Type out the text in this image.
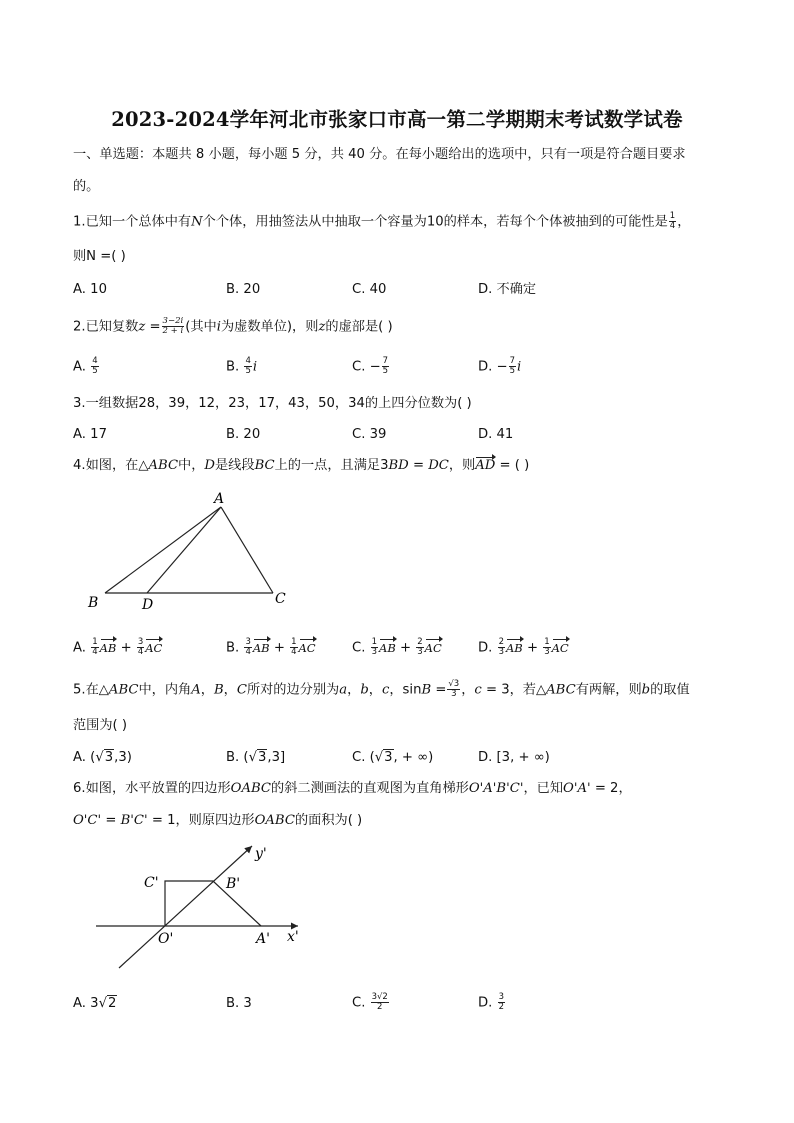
2023-2024学年河北市张家口市高一第二学期期末考试数学试卷
一、单选题：本题共 8 小题，每小题 5 分，共 40 分。在每小题给出的选项中，只有一项是符合题目要求
的。
1.已知一个总体中有N个个体，用抽签法从中抽取一个容量为10的样本，若每个个体被抽到的可能性是 $\frac{1}{4}$ ，
则N =( )
A. 10	B. 20	C. 40	D. 不确定
2.已知复数$z = \frac{3-2i}{2 + i}$ (其中i为虚数单位)，则z的虚部是( )
A. $\frac{4}{5}$	B. $\frac{4}{5}$ i	C. − $\frac{7}{5}$	D. − $\frac{7}{5}$ i
3.一组数据28，39，12，23，17，43，50，34的上四分位数为( )
A. 17	B. 20	C. 39	D. 41
4.如图，在△ABC中，D是线段BC上的一点，且满足3BD = DC，则AD = ( )
A
B	D	C
A. $\frac{1}{4}$ AB + $\frac{3}{4}$ AC	B. $\frac{3}{4}$ AB + $\frac{1}{4}$ AC	C. $\frac{1}{3}$ AB + $\frac{2}{3}$ AC	D. $\frac{2}{3}$ AB + $\frac{1}{3}$ AC
5.在△ABC中，内角A，B，C所对的边分别为a，b，c，$\sin B = \frac{√3}{3}$ ，c = 3，若△ABC有两解，则b的取值
范围为( )
A. (√3,3)	B. (√3,3]	C. (√3, + ∞)	D. [3, + ∞)
6.如图，水平放置的四边形OABC的斜二测画法的直观图为直角梯形O'A'B'C'，已知O'A' = 2，
O'C' = B'C' = 1，则原四边形OABC的面积为( )
y'
x'
C'	B'
O'	A'
A. 3√2	B. 3	C. $\frac{3√2}{2}$	D. $\frac{3}{2}$
